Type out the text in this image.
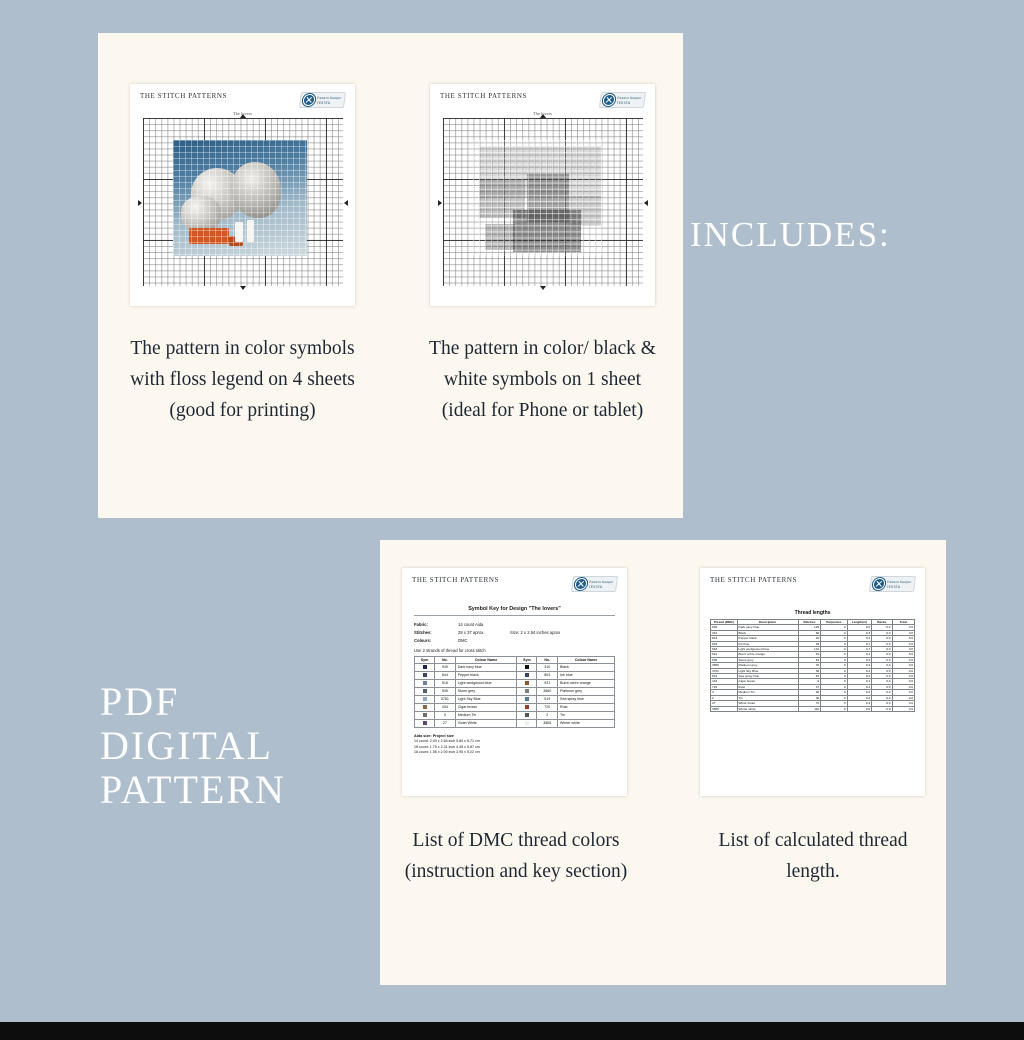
THE STITCH PATTERNS	Pattern Keeper
TESTED
The lovers
THE STITCH PATTERNS	Pattern Keeper
TESTED
The lovers
The pattern in color symbols with floss legend on 4 sheets (good for printing)
The pattern in color/ black & white symbols on 1 sheet (ideal for Phone or tablet)
INCLUDES:
PDF
DIGITAL
PATTERN
THE STITCH PATTERNS	Pattern Keeper
TESTED
Symbol Key for Design "The lovers"
Fabric:	14 count Aida
Stitches:	28 x 37 aprox.	Size: 2 x 2.64 inches aprox
Colours:	DMC
Use 2 strands of thread for cross stitch
Sym	No.	Colour Name	Sym	No.	Colour Name
	939	Dark navy blue		310	Black
	844	Pepper black		803	Ink blue
	518	Light wedgwood blue		921	Burnt ochre orange
	535	Stone grey		3860	Platinum grey
	3761	Light Sky Blue		519	Sea spray blue
	434	Cigar brown		720	Rust
	3	Medium Tin		2	Tin
	27	Violet White		3865	Winter white
Aida size: Project size
14 count: 2.00 x 2.64 inch 5.80 x 6.71 cm
16 count: 1.75 x 2.31 inch 4.45 x 5.87 cm
18 count: 1.56 x 2.00 inch 3.95 x 5.22 cm
THE STITCH PATTERNS	Pattern Keeper
TESTED
Thread lengths
Thread (DMC)	Description	Stitches	Parpuntos	Length(m)	Backs	Total
939	Dark navy blue	125	0	0.6	0.0	0.0
310	Black	66	0	0.3	0.0	0.0
844	Pepper black	46	0	0.2	0.0	0.0
803	Ink blue	29	0	0.1	0.0	0.0
518	Light wedgewood blue	131	0	0.7	0.0	0.0
921	Burnt ochre orange	19	0	0.1	0.0	0.0
535	Stone grey	51	0	0.3	0.0	0.0
3860	Platinum grey	76	0	0.4	0.0	0.0
3761	Light Sky Blue	38	0	0.2	0.0	0.0
519	Sea spray blue	87	0	0.4	0.0	0.0
434	Cigar brown	9	0	0.1	0.0	0.0
720	Rust	37	0	0.2	0.0	0.0
3	Medium Tin	48	0	0.2	0.0	0.0
2	Tin	36	0	0.2	0.0	0.0
27	White Violet	72	0	0.4	0.0	0.0
3865	Winter white	110	0	0.6	0.0	0.0
List of DMC thread colors (instruction and key section)
List of calculated thread length.
